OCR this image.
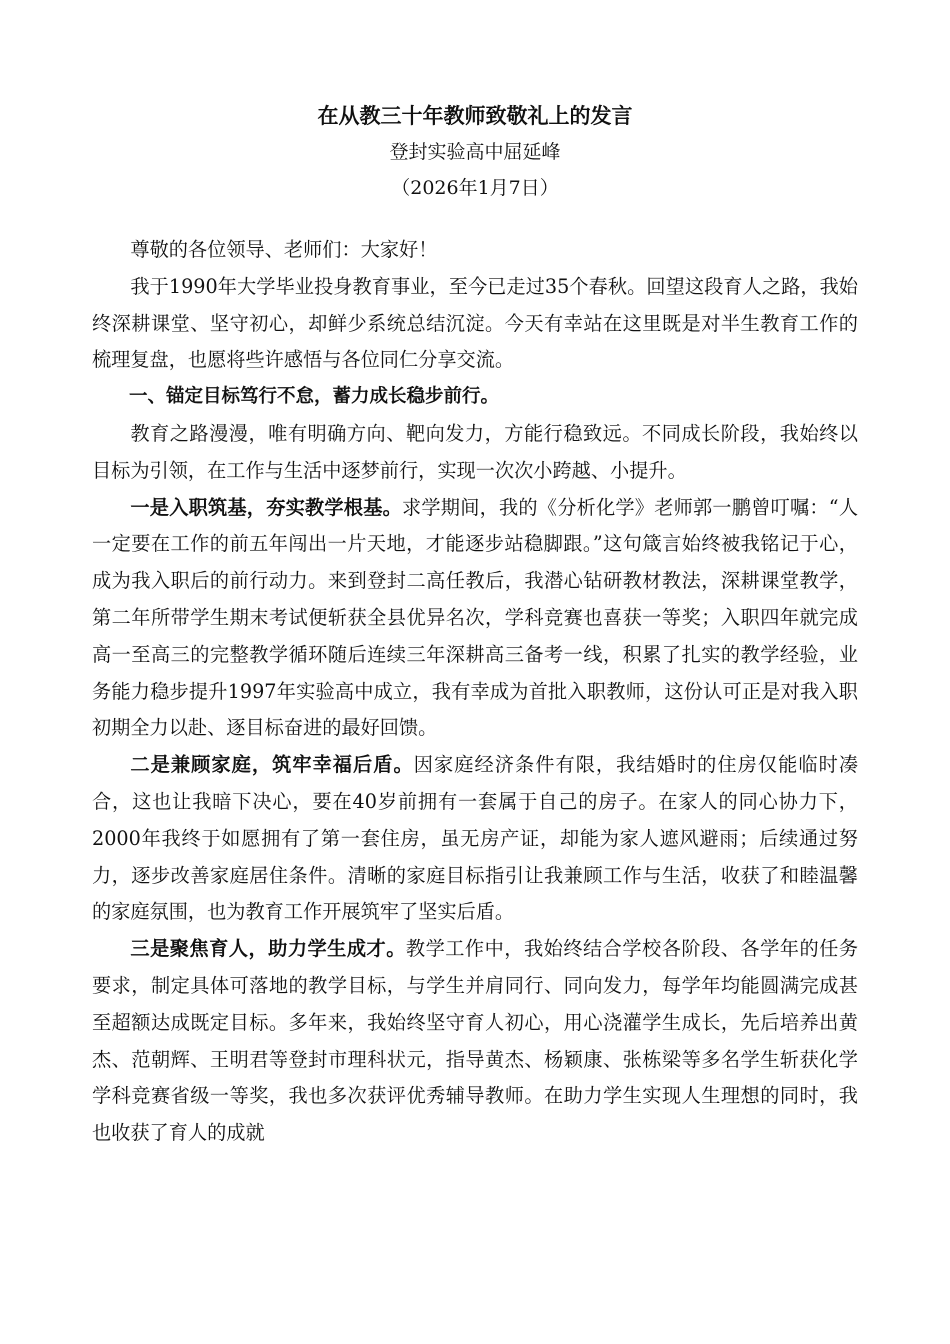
在从教三十年教师致敬礼上的发言
登封实验高中屈延峰
（2026年1月7日）

尊敬的各位领导、老师们：大家好！

我于1990年大学毕业投身教育事业，至今已走过35个春秋。回望这段育人之路，我始终深耕课堂、坚守初心，却鲜少系统总结沉淀。今天有幸站在这里既是对半生教育工作的梳理复盘，也愿将些许感悟与各位同仁分享交流。

一、锚定目标笃行不怠，蓄力成长稳步前行。

教育之路漫漫，唯有明确方向、靶向发力，方能行稳致远。不同成长阶段，我始终以目标为引领，在工作与生活中逐梦前行，实现一次次小跨越、小提升。

一是入职筑基，夯实教学根基。求学期间，我的《分析化学》老师郭一鹏曾叮嘱：“人一定要在工作的前五年闯出一片天地，才能逐步站稳脚跟。”这句箴言始终被我铭记于心，成为我入职后的前行动力。来到登封二高任教后，我潜心钻研教材教法，深耕课堂教学，第二年所带学生期末考试便斩获全县优异名次，学科竞赛也喜获一等奖；入职四年就完成高一至高三的完整教学循环随后连续三年深耕高三备考一线，积累了扎实的教学经验，业务能力稳步提升1997年实验高中成立，我有幸成为首批入职教师，这份认可正是对我入职初期全力以赴、逐目标奋进的最好回馈。

二是兼顾家庭，筑牢幸福后盾。因家庭经济条件有限，我结婚时的住房仅能临时凑合，这也让我暗下决心，要在40岁前拥有一套属于自己的房子。在家人的同心协力下，2000年我终于如愿拥有了第一套住房，虽无房产证，却能为家人遮风避雨；后续通过努力，逐步改善家庭居住条件。清晰的家庭目标指引让我兼顾工作与生活，收获了和睦温馨的家庭氛围，也为教育工作开展筑牢了坚实后盾。

三是聚焦育人，助力学生成才。教学工作中，我始终结合学校各阶段、各学年的任务要求，制定具体可落地的教学目标，与学生并肩同行、同向发力，每学年均能圆满完成甚至超额达成既定目标。多年来，我始终坚守育人初心，用心浇灌学生成长，先后培养出黄杰、范朝辉、王明君等登封市理科状元，指导黄杰、杨颖康、张栋梁等多名学生斩获化学学科竞赛省级一等奖，我也多次获评优秀辅导教师。在助力学生实现人生理想的同时，我也收获了育人的成就
